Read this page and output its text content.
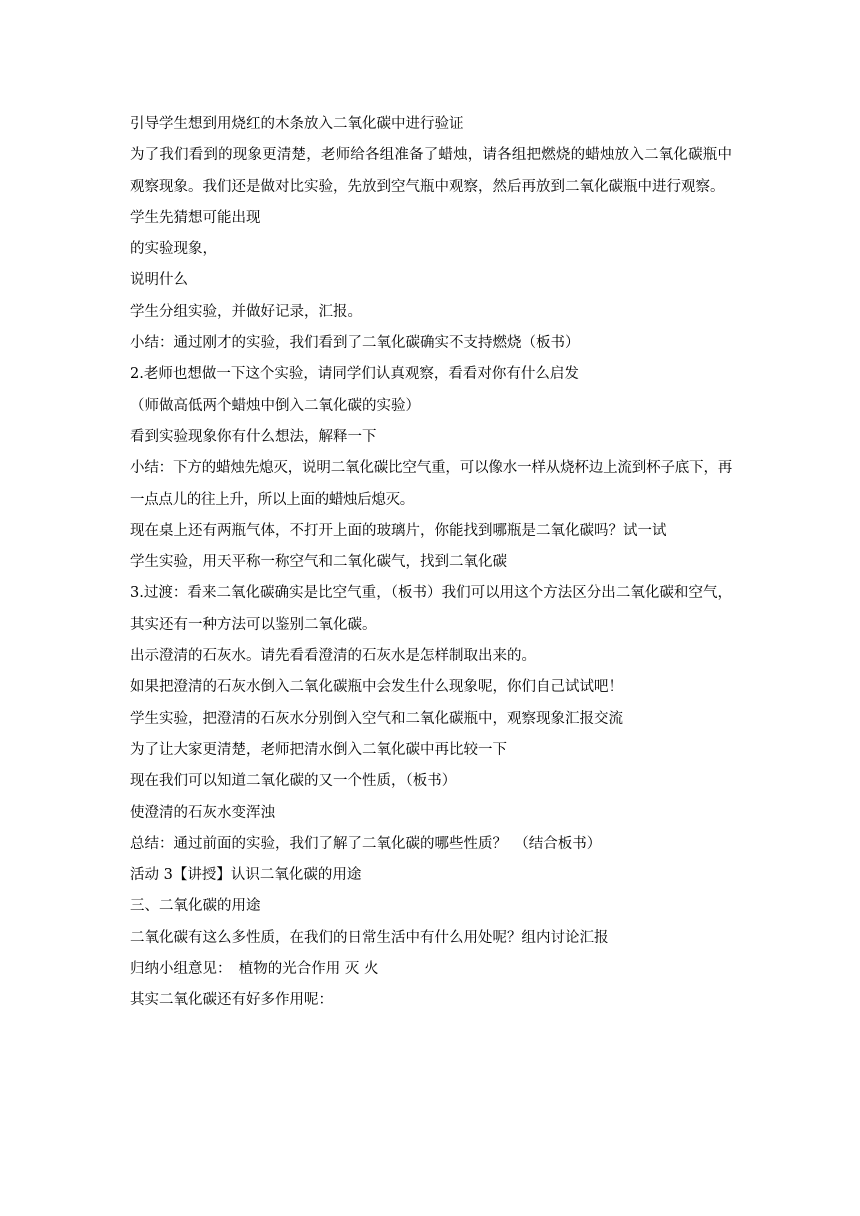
引导学生想到用烧红的木条放入二氧化碳中进行验证

为了我们看到的现象更清楚，老师给各组准备了蜡烛，请各组把燃烧的蜡烛放入二氧化碳瓶中观察现象。我们还是做对比实验，先放到空气瓶中观察，然后再放到二氧化碳瓶中进行观察。

学生先猜想可能出现

的实验现象，

说明什么

学生分组实验，并做好记录，汇报。

小结：通过刚才的实验，我们看到了二氧化碳确实不支持燃烧（板书）

2.老师也想做一下这个实验，请同学们认真观察，看看对你有什么启发

（师做高低两个蜡烛中倒入二氧化碳的实验）

看到实验现象你有什么想法，解释一下

小结：下方的蜡烛先熄灭，说明二氧化碳比空气重，可以像水一样从烧杯边上流到杯子底下，再一点点儿的往上升，所以上面的蜡烛后熄灭。

现在桌上还有两瓶气体，不打开上面的玻璃片，你能找到哪瓶是二氧化碳吗？试一试

学生实验，用天平称一称空气和二氧化碳气，找到二氧化碳

3.过渡：看来二氧化碳确实是比空气重，（板书）我们可以用这个方法区分出二氧化碳和空气，其实还有一种方法可以鉴别二氧化碳。

出示澄清的石灰水。请先看看澄清的石灰水是怎样制取出来的。

如果把澄清的石灰水倒入二氧化碳瓶中会发生什么现象呢，你们自己试试吧！

学生实验，把澄清的石灰水分别倒入空气和二氧化碳瓶中，观察现象汇报交流

为了让大家更清楚，老师把清水倒入二氧化碳中再比较一下

现在我们可以知道二氧化碳的又一个性质，（板书）

使澄清的石灰水变浑浊

总结：通过前面的实验，我们了解了二氧化碳的哪些性质？　（结合板书）

活动 3【讲授】认识二氧化碳的用途

三、二氧化碳的用途

二氧化碳有这么多性质，在我们的日常生活中有什么用处呢？组内讨论汇报

归纳小组意见：　植物的光合作用 灭 火

其实二氧化碳还有好多作用呢：
